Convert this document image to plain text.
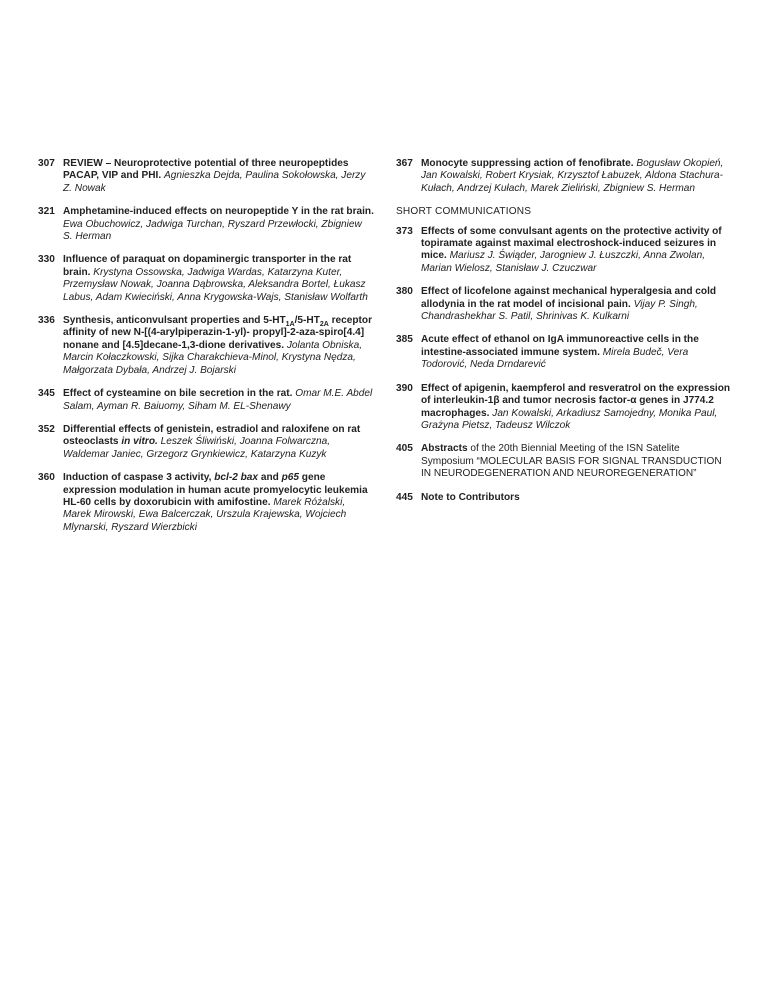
307 REVIEW – Neuroprotective potential of three neuropeptides PACAP, VIP and PHI. Agnieszka Dejda, Paulina Sokołowska, Jerzy Z. Nowak
321 Amphetamine-induced effects on neuropeptide Y in the rat brain. Ewa Obuchowicz, Jadwiga Turchan, Ryszard Przewłocki, Zbigniew S. Herman
330 Influence of paraquat on dopaminergic transporter in the rat brain. Krystyna Ossowska, Jadwiga Wardas, Katarzyna Kuter, Przemysław Nowak, Joanna Dąbrowska, Aleksandra Bortel, Łukasz Labus, Adam Kwieciński, Anna Krygowska-Wajs, Stanisław Wolfarth
336 Synthesis, anticonvulsant properties and $5-HT_{1A}/5-HT_{2A}$ receptor affinity of new N-[(4-arylpiperazin-1-yl)- propyl]-2-aza-spiro[4.4] nonane and [4.5]decane-1,3-dione derivatives. Jolanta Obniska, Marcin Kołaczkowski, Sijka Charakchieva-Minol, Krystyna Nędza, Małgorzata Dybała, Andrzej J. Bojarski
345 Effect of cysteamine on bile secretion in the rat. Omar M.E. Abdel Salam, Ayman R. Baiuomy, Siham M. EL-Shenawy
352 Differential effects of genistein, estradiol and raloxifene on rat osteoclasts in vitro. Leszek Śliwiński, Joanna Folwarczna, Waldemar Janiec, Grzegorz Grynkiewicz, Katarzyna Kuzyk
360 Induction of caspase 3 activity, bcl-2 bax and p65 gene expression modulation in human acute promyelocytic leukemia HL-60 cells by doxorubicin with amifostine. Marek Różalski, Marek Mirowski, Ewa Balcerczak, Urszula Krajewska, Wojciech Mlynarski, Ryszard Wierzbicki
367 Monocyte suppressing action of fenofibrate. Bogusław Okopień, Jan Kowalski, Robert Krysiak, Krzysztof Łabuzek, Aldona Stachura-Kułach, Andrzej Kułach, Marek Zieliński, Zbigniew S. Herman
SHORT COMMUNICATIONS
373 Effects of some convulsant agents on the protective activity of topiramate against maximal electroshock-induced seizures in mice. Mariusz J. Świąder, Jarogniew J. Łuszczki, Anna Zwolan, Marian Wielosz, Stanisław J. Czuczwar
380 Effect of licofelone against mechanical hyperalgesia and cold allodynia in the rat model of incisional pain. Vijay P. Singh, Chandrashekhar S. Patil, Shrinivas K. Kulkarni
385 Acute effect of ethanol on IgA immunoreactive cells in the intestine-associated immune system. Mirela Budeč, Vera Todorović, Neda Drndarević
390 Effect of apigenin, kaempferol and resveratrol on the expression of interleukin-1β and tumor necrosis factor-α genes in J774.2 macrophages. Jan Kowalski, Arkadiusz Samojedny, Monika Paul, Grażyna Pietsz, Tadeusz Wilczok
405 Abstracts of the 20th Biennial Meeting of the ISN Satelite Symposium “MOLECULAR BASIS FOR SIGNAL TRANSDUCTION IN NEURODEGENERATION AND NEUROREGENERATION”
445 Note to Contributors
